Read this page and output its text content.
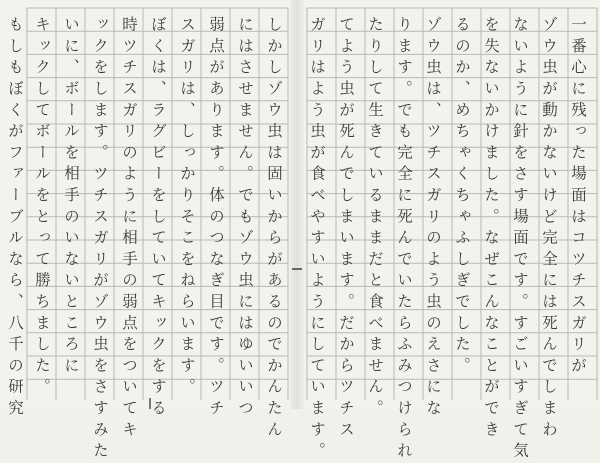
一番心に残った場面はコツチスガリが
ゾウ虫が動かないけど完全には死んでしまわ
ないように針をさす場面です。すごいすぎて気
を失ないかけました。なぜこんなことができ
るのか、めちゃくちゃふしぎでした。
ゾウ虫は、ツチスガリのよう虫のえさにな
ります。でも完全に死んでいたらふみつけられ
たりして生きているままだと食べません。
てよう虫が死んでしまいます。だからツチス
ガリはよう虫が食べやすいようにしています。
しかしゾウ虫は固いからがあるのでかんたん
にはさせません。でもゾウ虫にはゆいいつ
弱点があります。体のつなぎ目です。ツチ
スガリは、しっかりそこをねらいます。
ぼくは、ラグビーをしていてキックをする
時ツチスガリのように相手の弱点をついてキ
ックをします。ツチスガリがゾウ虫をさすみた
いに、ボールを相手のいないところに
キックしてボールをとって勝ちました。
もしもぼくがファーブルなら、八千の研究
